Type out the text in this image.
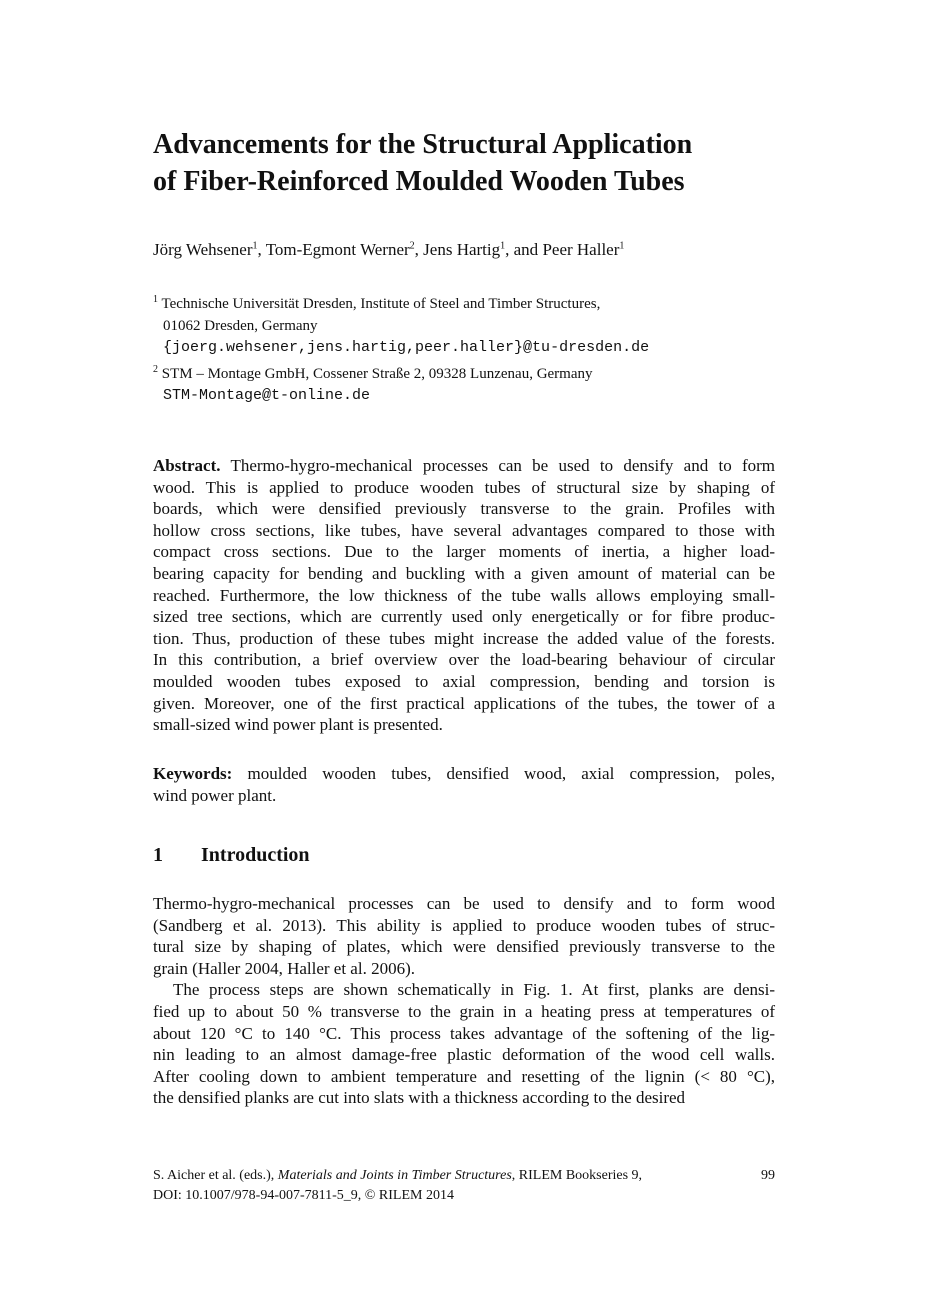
Advancements for the Structural Application
of Fiber-Reinforced Moulded Wooden Tubes
Jörg Wehsener$^1$, Tom-Egmont Werner$^2$, Jens Hartig$^1$, and Peer Haller$^1$
$^1$ Technische Universität Dresden, Institute of Steel and Timber Structures,
01062 Dresden, Germany
{joerg.wehsener,jens.hartig,peer.haller}@tu-dresden.de
$^2$ STM – Montage GmbH, Cossener Straße 2, 09328 Lunzenau, Germany
STM-Montage@t-online.de
Abstract. Thermo-hygro-mechanical processes can be used to densify and to form
wood. This is applied to produce wooden tubes of structural size by shaping of
boards, which were densified previously transverse to the grain. Profiles with
hollow cross sections, like tubes, have several advantages compared to those with
compact cross sections. Due to the larger moments of inertia, a higher load-
bearing capacity for bending and buckling with a given amount of material can be
reached. Furthermore, the low thickness of the tube walls allows employing small-
sized tree sections, which are currently used only energetically or for fibre produc-
tion. Thus, production of these tubes might increase the added value of the forests.
In this contribution, a brief overview over the load-bearing behaviour of circular
moulded wooden tubes exposed to axial compression, bending and torsion is
given. Moreover, one of the first practical applications of the tubes, the tower of a
small-sized wind power plant is presented.
Keywords: moulded wooden tubes, densified wood, axial compression, poles,
wind power plant.
1 Introduction
Thermo-hygro-mechanical processes can be used to densify and to form wood
(Sandberg et al. 2013). This ability is applied to produce wooden tubes of struc-
tural size by shaping of plates, which were densified previously transverse to the
grain (Haller 2004, Haller et al. 2006).
The process steps are shown schematically in Fig. 1. At first, planks are densi-
fied up to about 50 % transverse to the grain in a heating press at temperatures of
about 120 °C to 140 °C. This process takes advantage of the softening of the lig-
nin leading to an almost damage-free plastic deformation of the wood cell walls.
After cooling down to ambient temperature and resetting of the lignin (< 80 °C),
the densified planks are cut into slats with a thickness according to the desired
S. Aicher et al. (eds.), Materials and Joints in Timber Structures, RILEM Bookseries 9,
DOI: 10.1007/978-94-007-7811-5_9, © RILEM 2014
99
